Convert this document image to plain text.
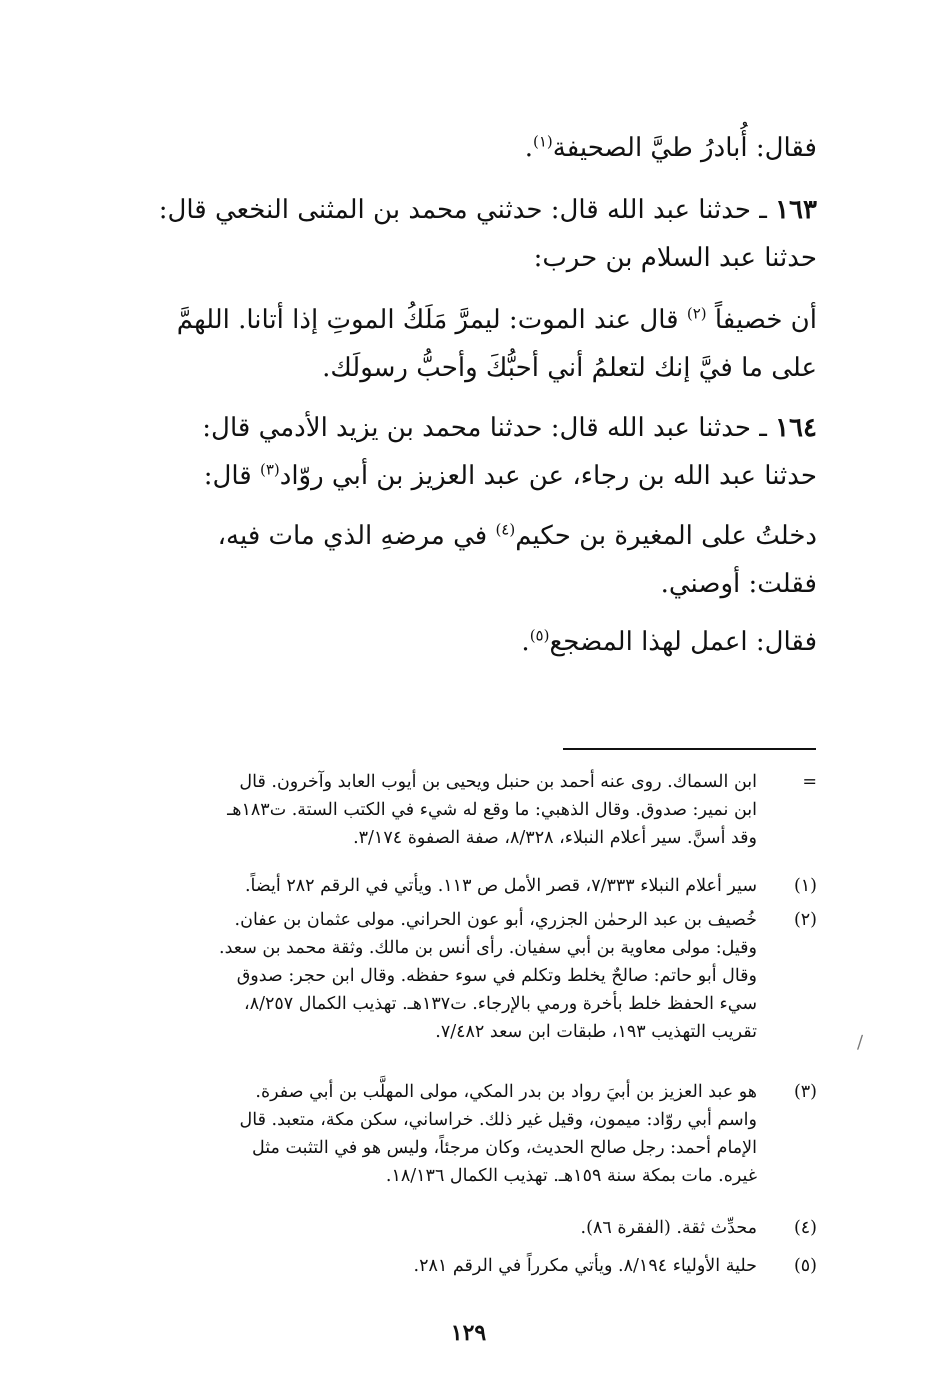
فقال: أُبادرُ طيَّ الصحيفة$^{(١)}$.
١٦٣ ـ حدثنا عبد الله قال: حدثني محمد بن المثنى النخعي قال:
حدثنا عبد السلام بن حرب:
أن خصيفاً $^{(٢)}$ قال عند الموت: ليمرَّ مَلَكُ الموتِ إذا أتانا. اللهمَّ
على ما فيَّ إنك لتعلمُ أني أحبُّكَ وأحبُّ رسولَك.
١٦٤ ـ حدثنا عبد الله قال: حدثنا محمد بن يزيد الأدمي قال:
حدثنا عبد الله بن رجاء، عن عبد العزيز بن أبي روّاد$^{(٣)}$ قال:
دخلتُ على المغيرة بن حكيم$^{(٤)}$ في مرضهِ الذي مات فيه،
فقلت: أوصني.
فقال: اعمل لهذا المضجع$^{(٥)}$.
=
ابن السماك. روى عنه أحمد بن حنبل ويحيى بن أيوب العابد وآخرون. قال
ابن نمير: صدوق. وقال الذهبي: ما وقع له شيء في الكتب الستة. ت١٨٣هـ
وقد أسنَّ. سير أعلام النبلاء، ٨/٣٢٨، صفة الصفوة ٣/١٧٤.
(١)
سير أعلام النبلاء ٧/٣٣٣، قصر الأمل ص ١١٣. ويأتي في الرقم ٢٨٢ أيضاً.
(٢)
خُصيف بن عبد الرحمٰن الجزري، أبو عون الحراني. مولى عثمان بن عفان.
وقيل: مولى معاوية بن أبي سفيان. رأى أنس بن مالك. وثقة محمد بن سعد.
وقال أبو حاتم: صالحٌ يخلط وتكلم في سوء حفظه. وقال ابن حجر: صدوق
سيء الحفظ خلط بأخرة ورمي بالإرجاء. ت١٣٧هـ. تهذيب الكمال ٨/٢٥٧،
تقريب التهذيب ١٩٣، طبقات ابن سعد ٧/٤٨٢.
(٣)
هو عبد العزيز بن أبيَ رواد بن بدر المكي، مولى المهلَّب بن أبي صفرة.
واسم أبي روّاد: ميمون، وقيل غير ذلك. خراساني، سكن مكة، متعبد. قال
الإمام أحمد: رجل صالح الحديث، وكان مرجئاً، وليس هو في التثبت مثل
غيره. مات بمكة سنة ١٥٩هـ. تهذيب الكمال ١٨/١٣٦.
(٤)
محدِّث ثقة. (الفقرة ٨٦).
(٥)
حلية الأولياء ٨/١٩٤. ويأتي مكرراً في الرقم ٢٨١.
∕
١٢٩
